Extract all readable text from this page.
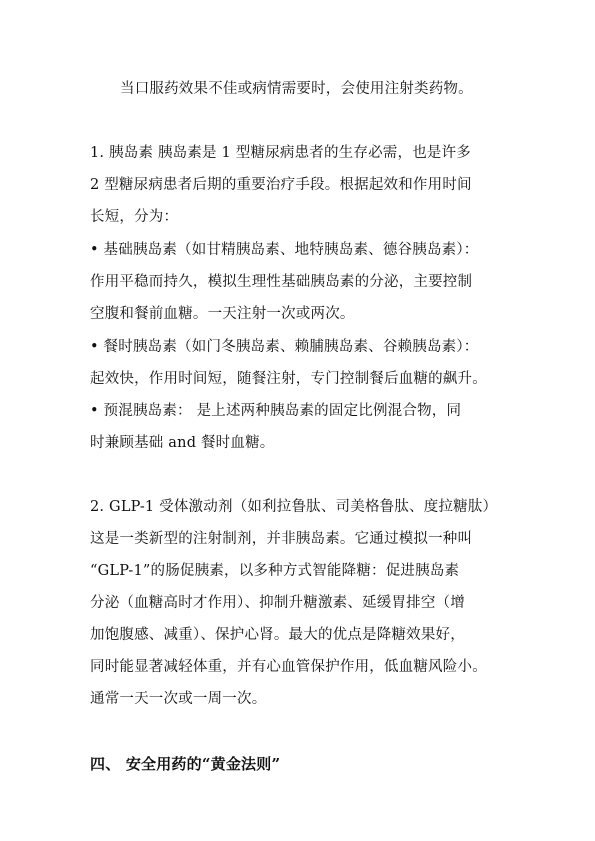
当口服药效果不佳或病情需要时，会使用注射类药物。
1. 胰岛素 胰岛素是 1 型糖尿病患者的生存必需，也是许多
2 型糖尿病患者后期的重要治疗手段。根据起效和作用时间
长短，分为：
• 基础胰岛素（如甘精胰岛素、地特胰岛素、德谷胰岛素）：
作用平稳而持久，模拟生理性基础胰岛素的分泌，主要控制
空腹和餐前血糖。一天注射一次或两次。
• 餐时胰岛素（如门冬胰岛素、赖脯胰岛素、谷赖胰岛素）：
起效快，作用时间短，随餐注射，专门控制餐后血糖的飙升。
• 预混胰岛素： 是上述两种胰岛素的固定比例混合物，同
时兼顾基础 and 餐时血糖。
2. GLP-1 受体激动剂（如利拉鲁肽、司美格鲁肽、度拉糖肽）
这是一类新型的注射制剂，并非胰岛素。它通过模拟一种叫
“GLP-1”的肠促胰素，以多种方式智能降糖：促进胰岛素
分泌（血糖高时才作用）、抑制升糖激素、延缓胃排空（增
加饱腹感、减重）、保护心肾。最大的优点是降糖效果好，
同时能显著减轻体重，并有心血管保护作用，低血糖风险小。
通常一天一次或一周一次。
四、 安全用药的“黄金法则”
